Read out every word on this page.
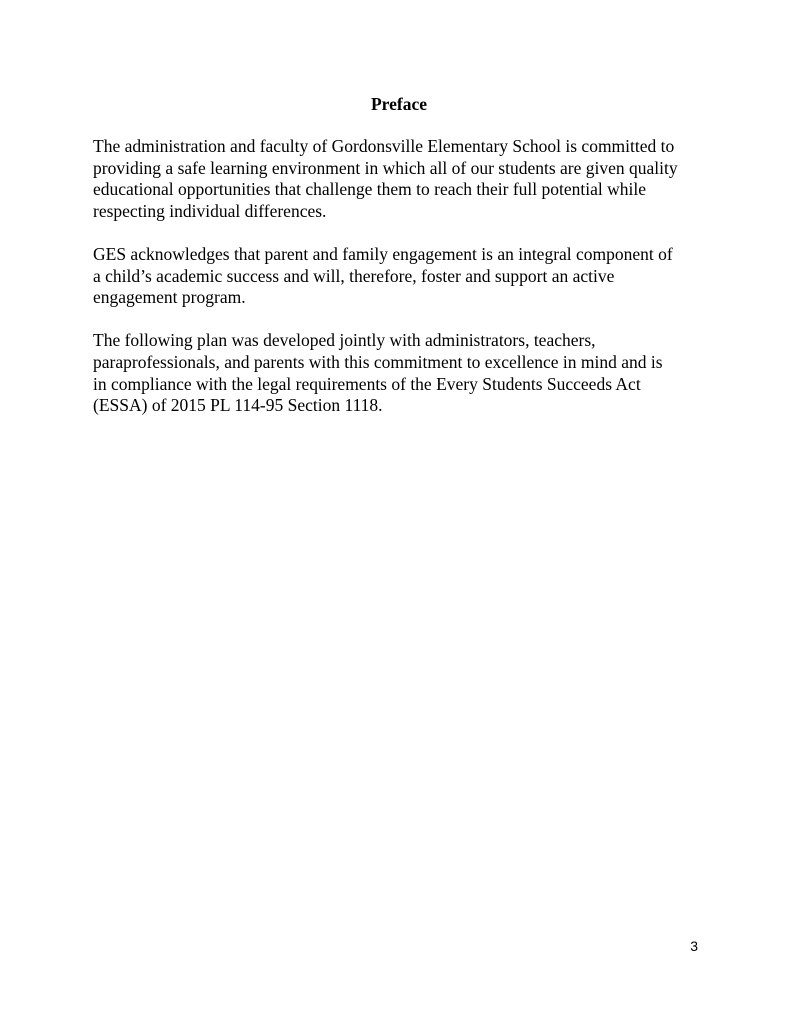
Preface

The administration and faculty of Gordonsville Elementary School is committed to
providing a safe learning environment in which all of our students are given quality
educational opportunities that challenge them to reach their full potential while
respecting individual differences.

GES acknowledges that parent and family engagement is an integral component of
a child’s academic success and will, therefore, foster and support an active
engagement program.

The following plan was developed jointly with administrators, teachers,
paraprofessionals, and parents with this commitment to excellence in mind and is
in compliance with the legal requirements of the Every Students Succeeds Act
(ESSA) of 2015 PL 114-95 Section 1118.

3
